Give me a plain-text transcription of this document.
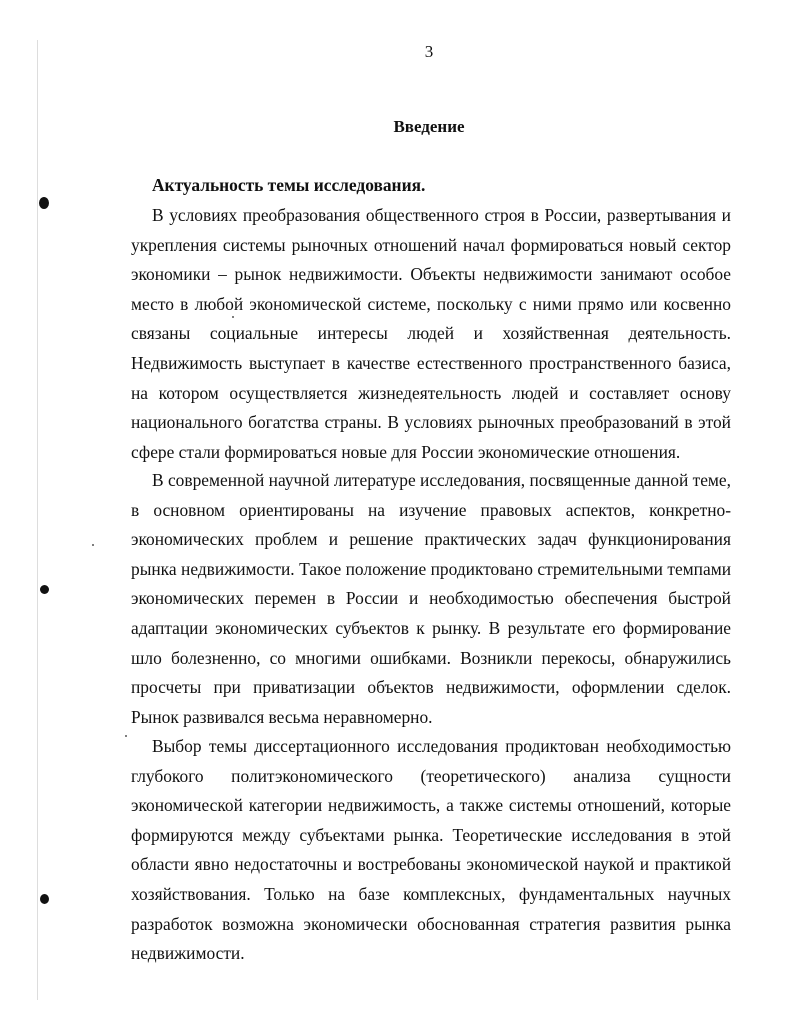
3
Введение
Актуальность темы исследования.

В условиях преобразования общественного строя в России, развертывания и укрепления системы рыночных отношений начал формироваться новый сектор экономики – рынок недвижимости. Объекты недвижимости занимают особое место в любой экономической системе, поскольку с ними прямо или косвенно связаны социальные интересы людей и хозяйственная деятельность. Недвижимость выступает в качестве естественного пространственного базиса, на котором осуществляется жизнедеятельность людей и составляет основу национального богатства страны. В условиях рыночных преобразований в этой сфере стали формироваться новые для России экономические отношения.

В современной научной литературе исследования, посвященные данной теме, в основном ориентированы на изучение правовых аспектов, конкретно-экономических проблем и решение практических задач функционирования рынка недвижимости. Такое положение продиктовано стремительными темпами экономических перемен в России и необходимостью обеспечения быстрой адаптации экономических субъектов к рынку. В результате его формирование шло болезненно, со многими ошибками. Возникли перекосы, обнаружились просчеты при приватизации объектов недвижимости, оформлении сделок. Рынок развивался весьма неравномерно.

Выбор темы диссертационного исследования продиктован необходимостью глубокого политэкономического (теоретического) анализа сущности экономической категории недвижимость, а также системы отношений, которые формируются между субъектами рынка. Теоретические исследования в этой области явно недостаточны и востребованы экономической наукой и практикой хозяйствования. Только на базе комплексных, фундаментальных научных разработок возможна экономически обоснованная стратегия развития рынка недвижимости.
